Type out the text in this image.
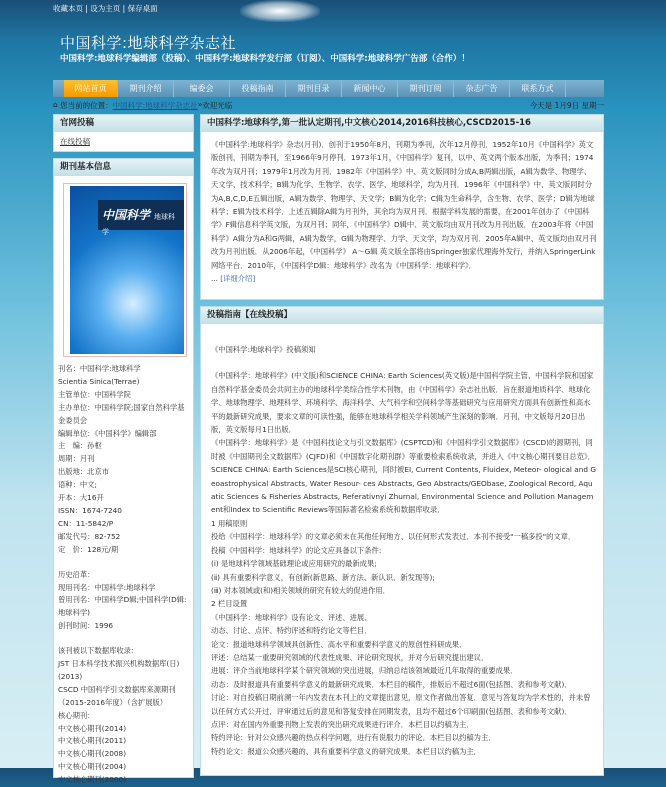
收藏本页 | 设为主页 | 保存桌面
中国科学:地球科学杂志社
中国科学:地球科学编辑部（投稿）、中国科学:地球科学发行部（订阅）、中国科学:地球科学广告部（合作）！
网站首页	期刊介绍	编委会	投稿指南	期刊目录	新闻中心	期刊订阅	杂志广告	联系方式
⌂ 您当前的位置： 中国科学:地球科学杂志社 » 欢迎光临	今天是 1月9日 星期一
官网投稿
在线投稿
期刊基本信息
中国科学 地球科学
刊名：中国科学:地球科学
Scientia Sinica(Terrae)
主管单位：中国科学院
主办单位：中国科学院;国家自然科学基金委员会
编辑单位：《中国科学》编辑部
主　编：孙枢
周期：月刊
出版地：北京市
语种：中文;
开本：大16开
ISSN：1674-7240
CN：11-5842/P
邮发代号：82-752
定　价：128元/期
历史沿革：
现用刊名：中国科学:地球科学
曾用刊名：中国科学D辑;中国科学(D辑:地球科学)
创刊时间：1996
该刊被以下数据库收录：
JST 日本科学技术振兴机构数据库(日)(2013)
CSCD 中国科学引文数据库来源期刊（2015-2016年度）（含扩展版）
核心期刊：
中文核心期刊(2014)
中文核心期刊(2011)
中文核心期刊(2008)
中文核心期刊(2004)
中文核心期刊(2000)
中国科学:地球科学,第一批认定期刊,中文核心2014,2016科技核心,CSCD2015-16

《中国科学:地球科学》杂志(月刊)．创刊于1950年8月，刊期为季刊，次年12月停刊．1952年10月《中国科学》英文版创刊，刊期为季刊，至1966年9月停刊．1973年1月，《中国科学》复刊，以中、英文两个版本出版，为季刊；1974年改为双月刊；1979年1月改为月刊．1982年《中国科学》中、英文版同时分成A,B两辑出版，A辑为数学、物理学、天文学、技术科学；B辑为化学、生物学、农学、医学、地球科学，均为月刊．1996年《中国科学》中、英文版同时分为A,B,C,D,E五辑出版，A辑为数学、物理学、天文学；B辑为化学；C辑为生命科学，含生物、农学、医学；D辑为地球科学；E辑为技术科学．上述五辑除A辑为月刊外，其余均为双月刊．根据学科发展的需要，在2001年创办了《中国科学》F辑信息科学英文版，为双月刊；同年，《中国科学》D辑中、英文版均由双月刊改为月刊出版．在2003年将《中国科学》A辑分为A和G两辑，A辑为数学，G辑为物理学、力学、天文学，均为双月刊．2005年A辑中、英文版均由双月刊改为月刊出版．从2006年起，《中国科学》 A～G辑 英文版全部将由Springer独家代理海外发行，并纳入SpringerLink网络平台．2010年，《中国科学D辑：地球科学》改名为《中国科学：地球科学》．

... [详细介绍]

投稿指南【在线投稿】

《中国科学:地球科学》投稿须知

《中国科学：地球科学》(中文版)和SCIENCE CHINA: Earth Sciences(英文版)是中国科学院主管、中国科学院和国家自然科学基金委员会共同主办的地球科学类综合性学术刊物，由《中国科学》杂志社出版．旨在报道地质科学、地球化学、地球物理学、地理科学、环境科学、海洋科学、大气科学和空间科学等基础研究与应用研究方面具有创新性和高水平的最新研究成果，要求文章的可读性强，能够在地球科学相关学科领域产生深刻的影响．月刊，中文版每月20日出版，英文版每月1日出版．

《中国科学：地球科学》是《中国科技论文与引文数据库》(CSPTCD)和《中国科学引文数据库》(CSCD)的源期刊，同时被《中国期刊全文数据库》(CJFD)和《中国数字化期刊群》等重要检索系统收录，并进入《中文核心期刊要目总览》．

SCIENCE CHINA: Earth Sciences是SCI核心期刊，同时被EI, Current Contents, Fluidex, Meteor- ological and Geoastrophysical Abstracts, Water Resour- ces Abstracts, Geo Abstracts/GEObase, Zoological Record, Aquatic Sciences & Fisheries Abstracts, Referativnyi Zhurnal, Environmental Science and Pollution Management和Index to Scientific Reviews等国际著名检索系统和数据库收录．

1 用稿原则

投给《中国科学：地球科学》的文章必须未在其他任何地方、以任何形式发表过．本刊不接受"一稿多投"的文章．

投稿《中国科学：地球科学》的论文应具备以下条件:

(ⅰ) 是地球科学领域基础理论或应用研究的最新成果;

(ⅱ) 具有重要科学意义，有创新(新思路、新方法、新认识、新发现等);

(ⅲ) 对本领域或(和)相关领域的研究有较大的促进作用．

2 栏目设置

《中国科学：地球科学》设有论文、评述、进展、

动态、讨论、点评、特约评述和特约论文等栏目．

论文：报道地球科学领域具创新性、高水平和重要科学意义的原创性科研成果．

评述：总结某一重要研究领域的代表性成果、评论研究现状，并对今后研究提出建议．

进展：评介当前地球科学某个研究领域的突出进展，归纳总结该领域最近几年取得的重要成果．

动态：及时报道具有重要科学意义的最新研究成果．本栏目的稿件，排版后不超过6面(包括图、表和参考文献)．

讨论：对自投稿日期前溯一年内发表在本刊上的文章提出意见，原文作者做出答复．意见与答复均为学术性的，并未曾以任何方式公开过．评审通过后的意见和答复安排在同期发表，且均不超过6个印刷面(包括图、表和参考文献)．

点评：对在国内外重要刊物上发表的突出研究成果进行评介．本栏目以约稿为主．

特约评论：针对公众感兴趣的热点科学问题，进行有说服力的评论．本栏目以约稿为主．

特约论文：报道公众感兴趣的、具有重要科学意义的研究成果．本栏目以约稿为主．
